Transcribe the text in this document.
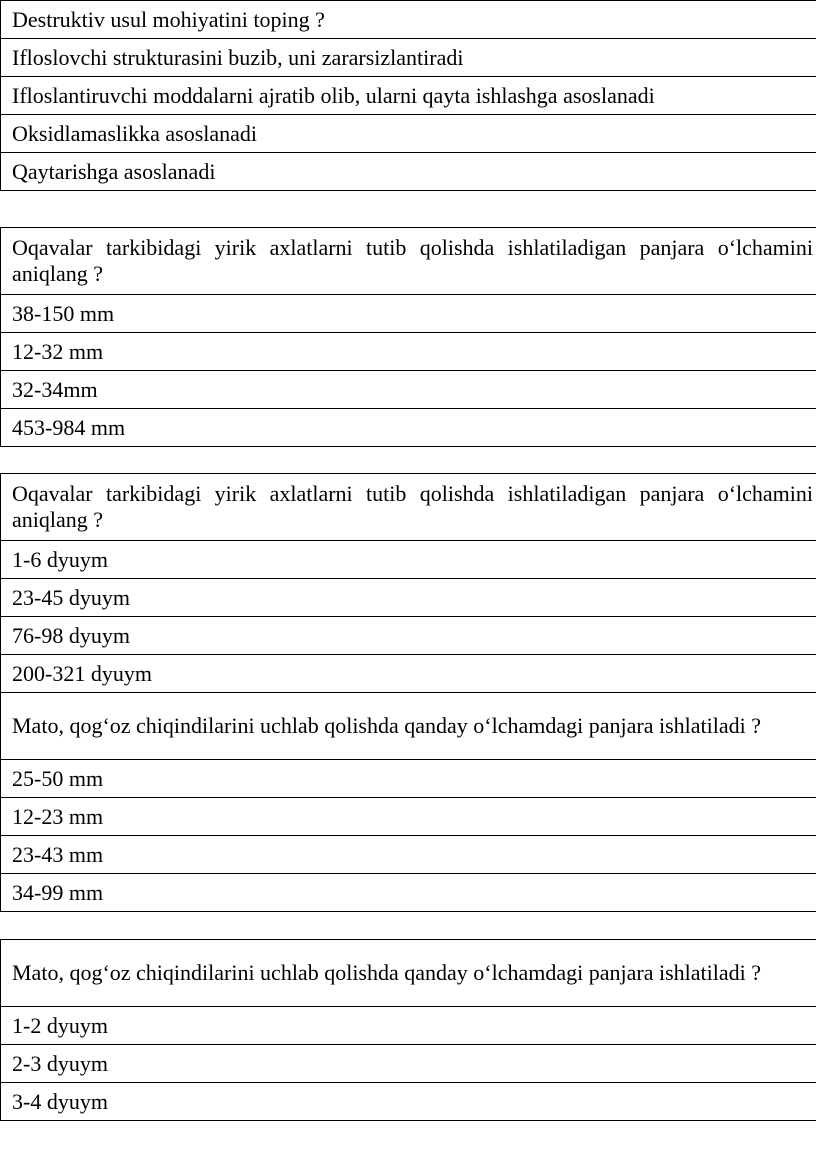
Destruktiv usul mohiyatini toping ?
Ifloslovchi strukturasini buzib, uni zararsizlantiradi
Ifloslantiruvchi moddalarni ajratib olib, ularni qayta ishlashga asoslanadi
Oksidlamaslikka asoslanadi
Qaytarishga asoslanadi
Oqavalar tarkibidagi yirik axlatlarni tutib qolishda ishlatiladigan panjara o‘lchamini aniqlang ?
38-150 mm
12-32 mm
32-34mm
453-984 mm
Oqavalar tarkibidagi yirik axlatlarni tutib qolishda ishlatiladigan panjara o‘lchamini aniqlang ?
1-6 dyuym
23-45 dyuym
76-98 dyuym
200-321 dyuym
Mato, qog‘oz chiqindilarini uchlab qolishda qanday o‘lchamdagi panjara ishlatiladi ?
25-50 mm
12-23 mm
23-43 mm
34-99 mm
Mato, qog‘oz chiqindilarini uchlab qolishda qanday o‘lchamdagi panjara ishlatiladi ?
1-2 dyuym
2-3 dyuym
3-4 dyuym
